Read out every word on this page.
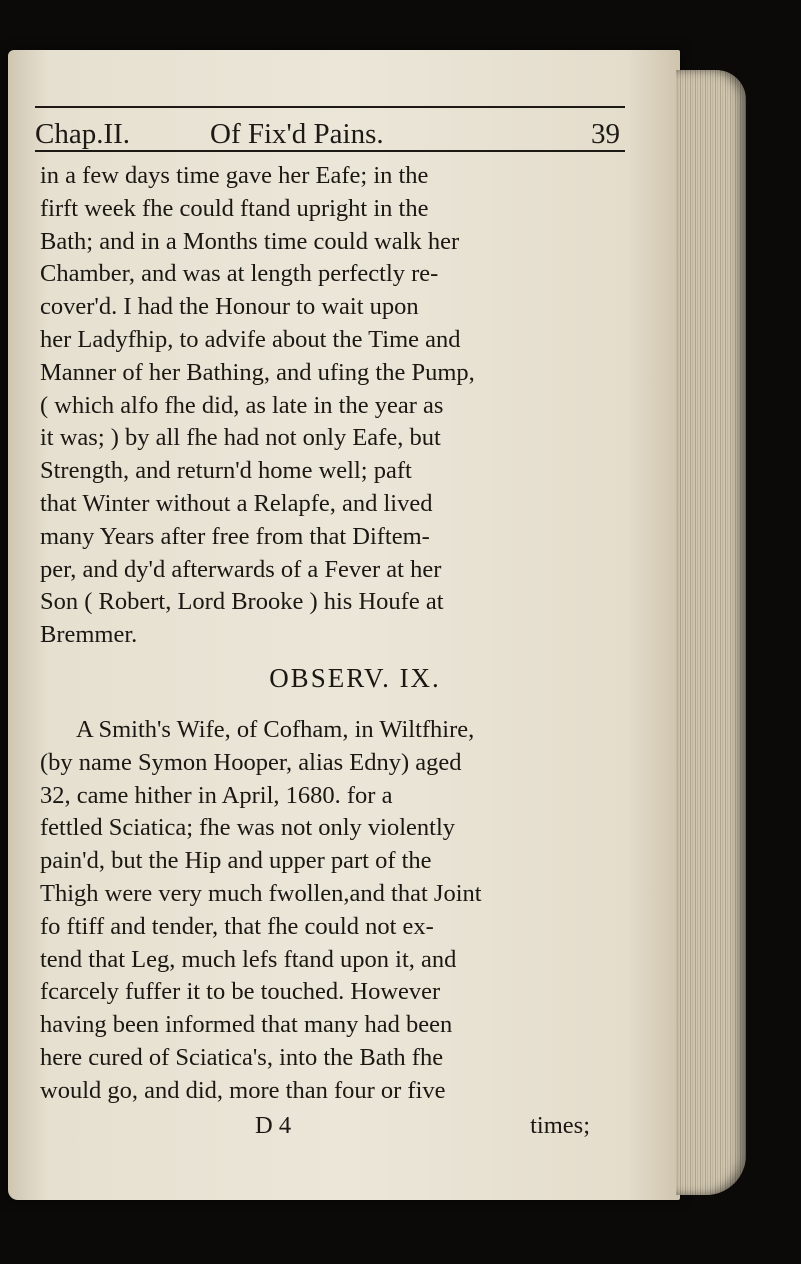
Chap.II.	Of Fix'd Pains.	39
in a few days time gave her Eafe; in the
firft week fhe could ftand upright in the
Bath; and in a Months time could walk her
Chamber, and was at length perfectly re-
cover'd. I had the Honour to wait upon
her Ladyfhip, to advife about the Time and
Manner of her Bathing, and ufing the Pump,
( which alfo fhe did, as late in the year as
it was; ) by all fhe had not only Eafe, but
Strength, and return'd home well; paft
that Winter without a Relapfe, and lived
many Years after free from that Diftem-
per, and dy'd afterwards of a Fever at her
Son ( Robert, Lord Brooke ) his Houfe at
Bremmer.
OBSERV. IX.
A Smith's Wife, of Cofham, in Wiltfhire,
(by name Symon Hooper, alias Edny) aged
32, came hither in April, 1680. for a
fettled Sciatica; fhe was not only violently
pain'd, but the Hip and upper part of the
Thigh were very much fwollen,and that Joint
fo ftiff and tender, that fhe could not ex-
tend that Leg, much lefs ftand upon it, and
fcarcely fuffer it to be touched. However
having been informed that many had been
here cured of Sciatica's, into the Bath fhe
would go, and did, more than four or five
D 4	times;
